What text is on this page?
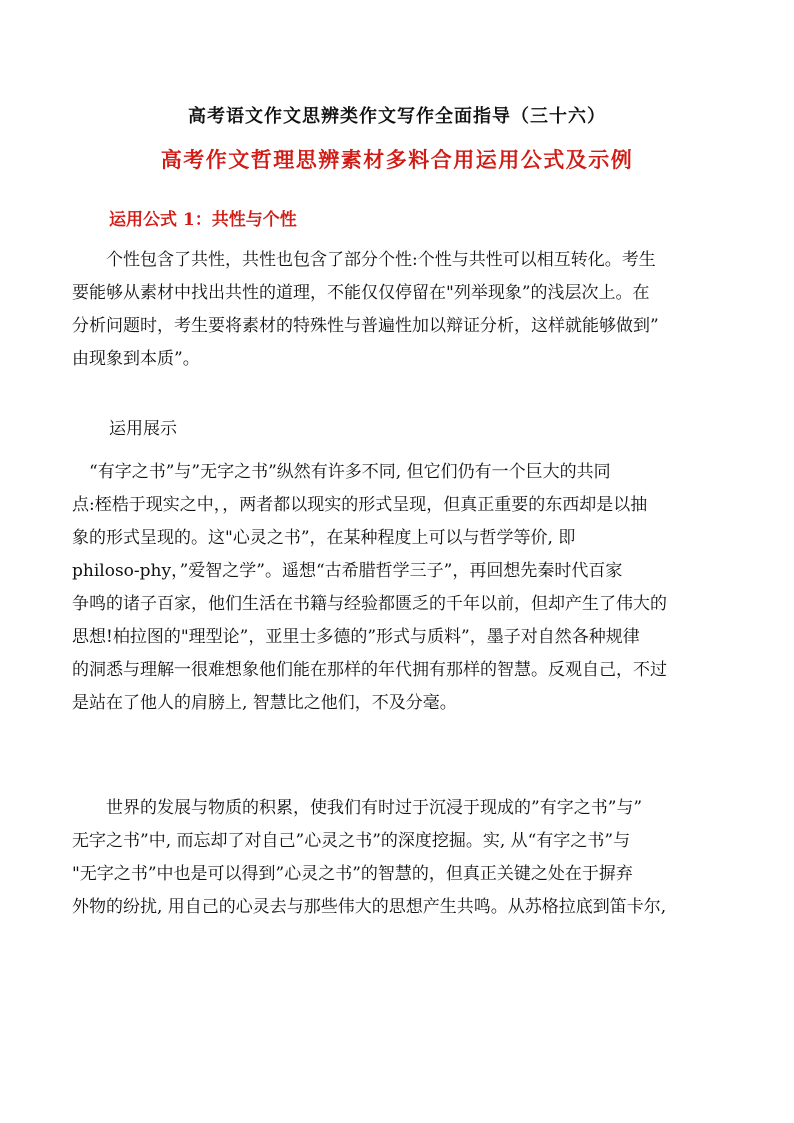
高考语文作文思辨类作文写作全面指导（三十六）
高考作文哲理思辨素材多料合用运用公式及示例
运用公式 1：共性与个性
　　个性包含了共性，共性也包含了部分个性:个性与共性可以相互转化。考生
要能够从素材中找出共性的道理，不能仅仅停留在"列举现象”的浅层次上。在
分析问题时，考生要将素材的特殊性与普遍性加以辩证分析，这样就能够做到”
由现象到本质”。
运用展示
　“有字之书”与”无字之书”纵然有许多不同, 但它们仍有一个巨大的共同
点:桎梏于现实之中，，两者都以现实的形式呈现，但真正重要的东西却是以抽
象的形式呈现的。这"心灵之书”，在某种程度上可以与哲学等价, 即
philoso-phy，”爱智之学”。遥想“古希腊哲学三子”，再回想先秦时代百家
争鸣的诸子百家，他们生活在书籍与经验都匮乏的千年以前，但却产生了伟大的
思想!柏拉图的"理型论”，亚里士多德的”形式与质料”，墨子对自然各种规律
的洞悉与理解一很难想象他们能在那样的年代拥有那样的智慧。反观自己，不过
是站在了他人的肩膀上, 智慧比之他们，不及分毫。
　　世界的发展与物质的积累，使我们有时过于沉浸于现成的”有字之书”与”
无字之书”中, 而忘却了对自己”心灵之书”的深度挖掘。实, 从“有字之书”与
"无字之书”中也是可以得到”心灵之书”的智慧的，但真正关键之处在于摒弃
外物的纷扰, 用自己的心灵去与那些伟大的思想产生共鸣。从苏格拉底到笛卡尔,
